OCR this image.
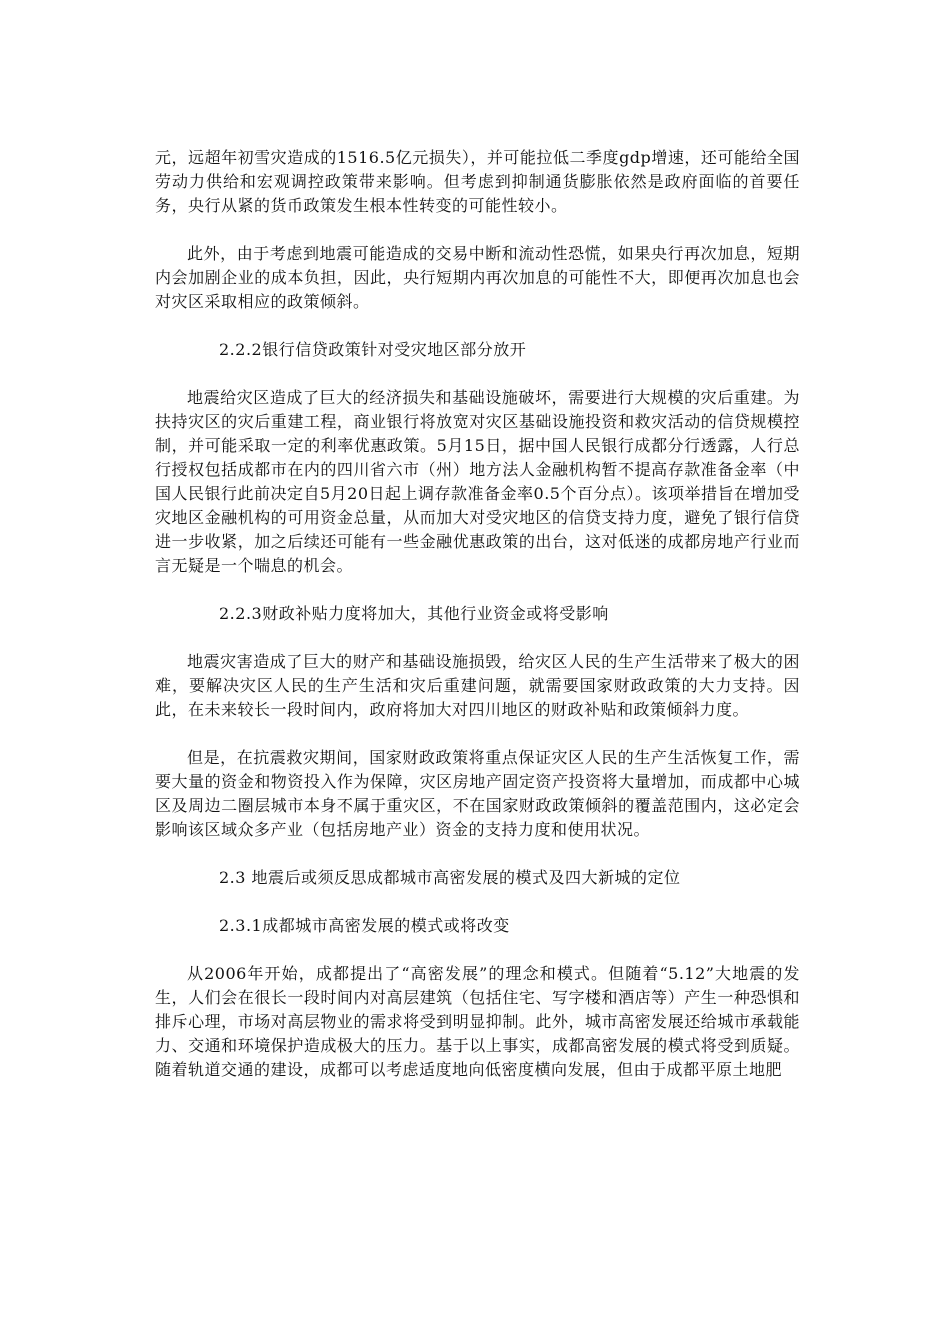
元，远超年初雪灾造成的1516.5亿元损失），并可能拉低二季度gdp增速，还可能给全国劳动力供给和宏观调控政策带来影响。但考虑到抑制通货膨胀依然是政府面临的首要任务，央行从紧的货币政策发生根本性转变的可能性较小。

此外，由于考虑到地震可能造成的交易中断和流动性恐慌，如果央行再次加息，短期内会加剧企业的成本负担，因此，央行短期内再次加息的可能性不大，即便再次加息也会对灾区采取相应的政策倾斜。

2.2.2银行信贷政策针对受灾地区部分放开

地震给灾区造成了巨大的经济损失和基础设施破坏，需要进行大规模的灾后重建。为扶持灾区的灾后重建工程，商业银行将放宽对灾区基础设施投资和救灾活动的信贷规模控制，并可能采取一定的利率优惠政策。5月15日，据中国人民银行成都分行透露，人行总行授权包括成都市在内的四川省六市（州）地方法人金融机构暂不提高存款准备金率（中国人民银行此前决定自5月20日起上调存款准备金率0.5个百分点）。该项举措旨在增加受灾地区金融机构的可用资金总量，从而加大对受灾地区的信贷支持力度，避免了银行信贷进一步收紧，加之后续还可能有一些金融优惠政策的出台，这对低迷的成都房地产行业而言无疑是一个喘息的机会。

2.2.3财政补贴力度将加大，其他行业资金或将受影响

地震灾害造成了巨大的财产和基础设施损毁，给灾区人民的生产生活带来了极大的困难，要解决灾区人民的生产生活和灾后重建问题，就需要国家财政政策的大力支持。因此，在未来较长一段时间内，政府将加大对四川地区的财政补贴和政策倾斜力度。

但是，在抗震救灾期间，国家财政政策将重点保证灾区人民的生产生活恢复工作，需要大量的资金和物资投入作为保障，灾区房地产固定资产投资将大量增加，而成都中心城区及周边二圈层城市本身不属于重灾区，不在国家财政政策倾斜的覆盖范围内，这必定会影响该区域众多产业（包括房地产业）资金的支持力度和使用状况。

2.3 地震后或须反思成都城市高密发展的模式及四大新城的定位

2.3.1成都城市高密发展的模式或将改变

从2006年开始，成都提出了“高密发展”的理念和模式。但随着“5.12”大地震的发生，人们会在很长一段时间内对高层建筑（包括住宅、写字楼和酒店等）产生一种恐惧和排斥心理，市场对高层物业的需求将受到明显抑制。此外，城市高密发展还给城市承载能力、交通和环境保护造成极大的压力。基于以上事实，成都高密发展的模式将受到质疑。随着轨道交通的建设，成都可以考虑适度地向低密度横向发展，但由于成都平原土地肥
